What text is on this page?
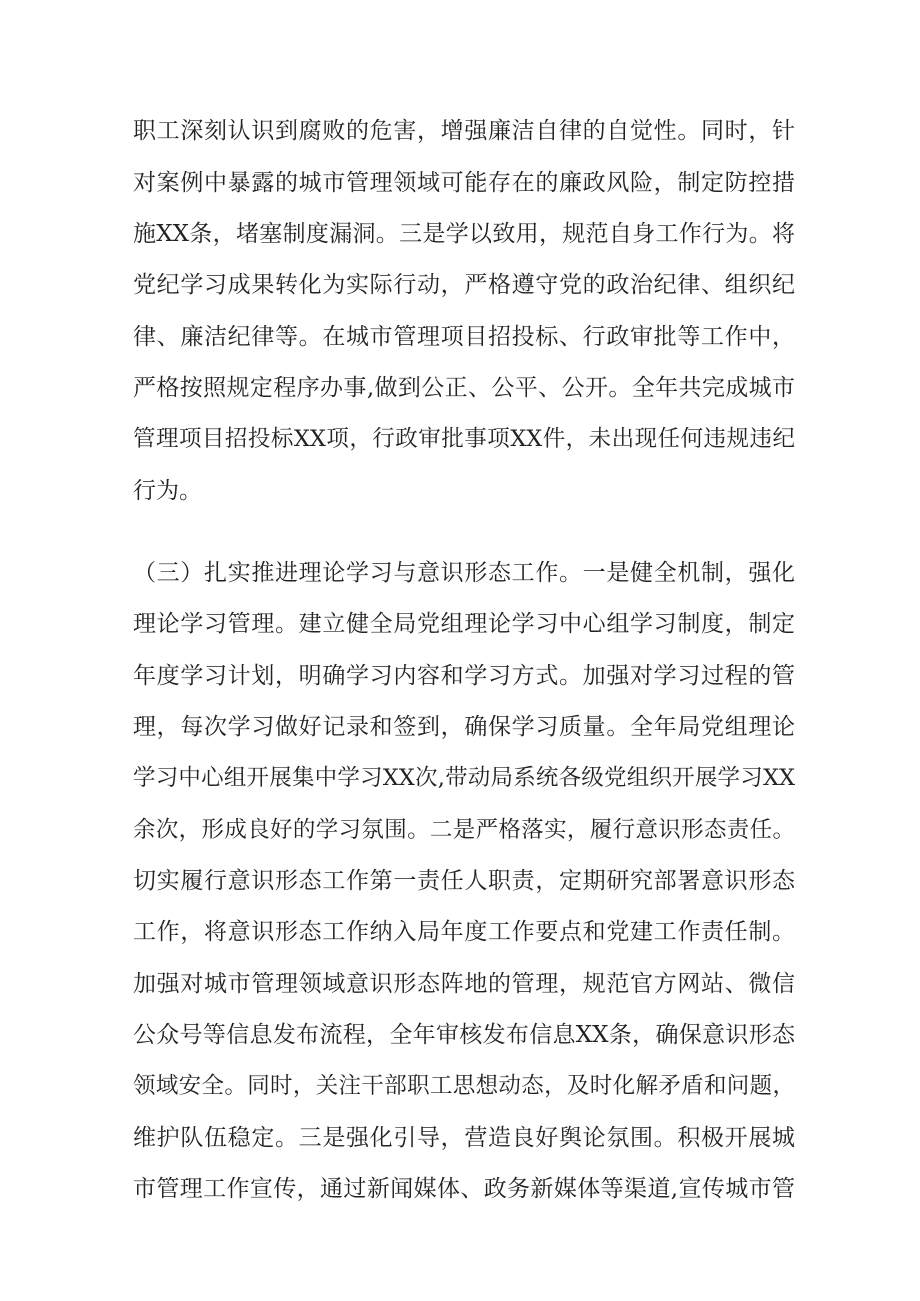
职工深刻认识到腐败的危害，增强廉洁自律的自觉性。同时，针
对案例中暴露的城市管理领域可能存在的廉政风险，制定防控措
施XX条，堵塞制度漏洞。三是学以致用，规范自身工作行为。将
党纪学习成果转化为实际行动，严格遵守党的政治纪律、组织纪
律、廉洁纪律等。在城市管理项目招投标、行政审批等工作中，
严格按照规定程序办事,做到公正、公平、公开。全年共完成城市
管理项目招投标XX项，行政审批事项XX件，未出现任何违规违纪
行为。
（三）扎实推进理论学习与意识形态工作。一是健全机制，强化
理论学习管理。建立健全局党组理论学习中心组学习制度，制定
年度学习计划，明确学习内容和学习方式。加强对学习过程的管
理，每次学习做好记录和签到，确保学习质量。全年局党组理论
学习中心组开展集中学习XX次,带动局系统各级党组织开展学习XX
余次，形成良好的学习氛围。二是严格落实，履行意识形态责任。
切实履行意识形态工作第一责任人职责，定期研究部署意识形态
工作，将意识形态工作纳入局年度工作要点和党建工作责任制。
加强对城市管理领域意识形态阵地的管理，规范官方网站、微信
公众号等信息发布流程，全年审核发布信息XX条，确保意识形态
领域安全。同时，关注干部职工思想动态，及时化解矛盾和问题，
维护队伍稳定。三是强化引导，营造良好舆论氛围。积极开展城
市管理工作宣传，通过新闻媒体、政务新媒体等渠道,宣传城市管
